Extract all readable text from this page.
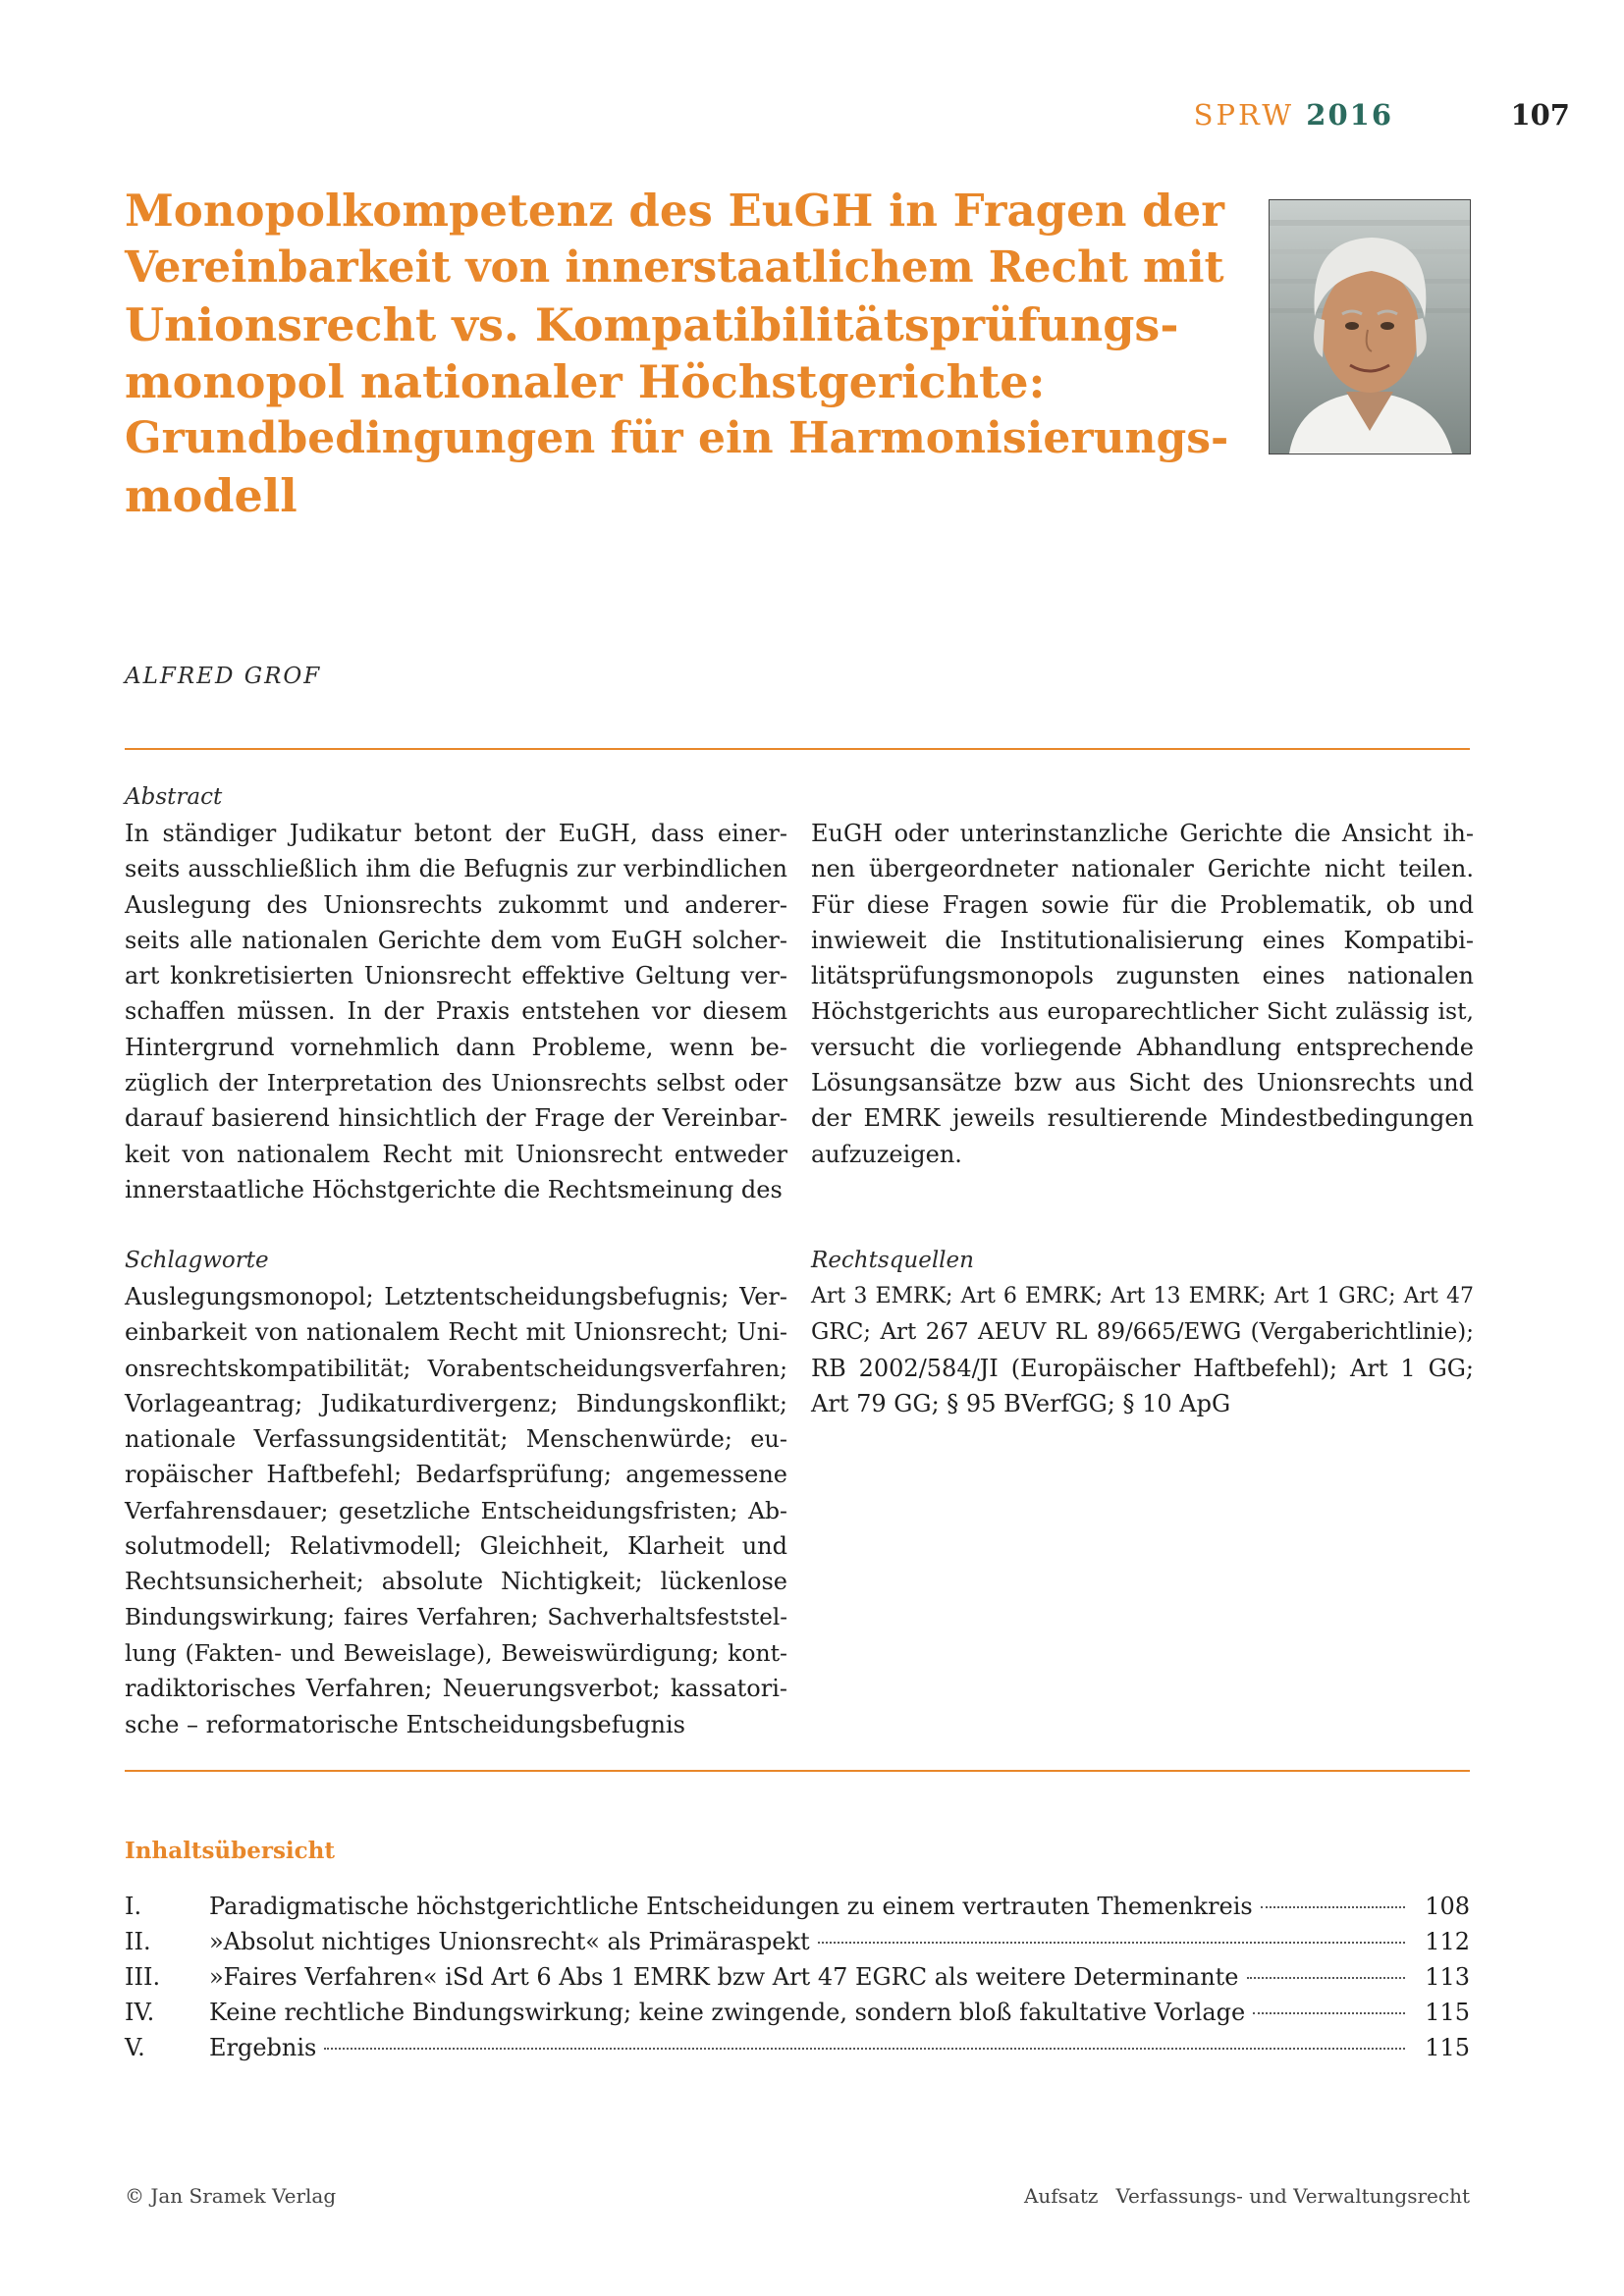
SPRW 2016	107
Monopolkompetenz des EuGH in Fragen der
Vereinbarkeit von innerstaatlichem Recht mit
Unionsrecht vs. Kompatibilitätsprüfungs-
monopol nationaler Höchstgerichte:
Grundbedingungen für ein Harmonisierungs-
modell
ALFRED GROF
Abstract
In ständiger Judikatur betont der EuGH, dass einer-
seits ausschließlich ihm die Befugnis zur verbindlichen
Auslegung des Unionsrechts zukommt und anderer-
seits alle nationalen Gerichte dem vom EuGH solcher-
art konkretisierten Unionsrecht effektive Geltung ver-
schaffen müssen. In der Praxis entstehen vor diesem
Hintergrund vornehmlich dann Probleme, wenn be-
züglich der Interpretation des Unionsrechts selbst oder
darauf basierend hinsichtlich der Frage der Vereinbar-
keit von nationalem Recht mit Unionsrecht entweder
innerstaatliche Höchstgerichte die Rechtsmeinung des
EuGH oder unterinstanzliche Gerichte die Ansicht ih-
nen übergeordneter nationaler Gerichte nicht teilen.
Für diese Fragen sowie für die Problematik, ob und
inwieweit die Institutionalisierung eines Kompatibi-
litätsprüfungsmonopols zugunsten eines nationalen
Höchstgerichts aus europarechtlicher Sicht zulässig ist,
versucht die vorliegende Abhandlung entsprechende
Lösungsansätze bzw aus Sicht des Unionsrechts und
der EMRK jeweils resultierende Mindestbedingungen
aufzuzeigen.
Schlagworte
Auslegungsmonopol; Letztentscheidungsbefugnis; Ver-
einbarkeit von nationalem Recht mit Unionsrecht; Uni-
onsrechtskompatibilität; Vorabentscheidungsverfahren;
Vorlageantrag; Judikaturdivergenz; Bindungskonflikt;
nationale Verfassungsidentität; Menschenwürde; eu-
ropäischer Haftbefehl; Bedarfsprüfung; angemessene
Verfahrensdauer; gesetzliche Entscheidungsfristen; Ab-
solutmodell; Relativmodell; Gleichheit, Klarheit und
Rechtsunsicherheit; absolute Nichtigkeit; lückenlose
Bindungswirkung; faires Verfahren; Sachverhaltsfeststel-
lung (Fakten- und Beweislage), Beweiswürdigung; kont-
radiktorisches Verfahren; Neuerungsverbot; kassatori-
sche – reformatorische Entscheidungsbefugnis
Rechtsquellen
Art 3 EMRK; Art 6 EMRK; Art 13 EMRK; Art 1 GRC; Art 47
GRC; Art 267 AEUV RL 89/665/EWG (Vergaberichtlinie);
RB 2002/584/JI (Europäischer Haftbefehl); Art 1 GG;
Art 79 GG; § 95 BVerfGG; § 10 ApG
Inhaltsübersicht
I.	Paradigmatische höchstgerichtliche Entscheidungen zu einem vertrauten Themenkreis	108
II. »Absolut nichtiges Unionsrecht« als Primäraspekt	112
III. »Faires Verfahren« iSd Art 6 Abs 1 EMRK bzw Art 47 EGRC als weitere Determinante	113
IV. Keine rechtliche Bindungswirkung; keine zwingende, sondern bloß fakultative Vorlage	115
V.	Ergebnis	115
© Jan Sramek Verlag	Aufsatz Verfassungs- und Verwaltungsrecht
